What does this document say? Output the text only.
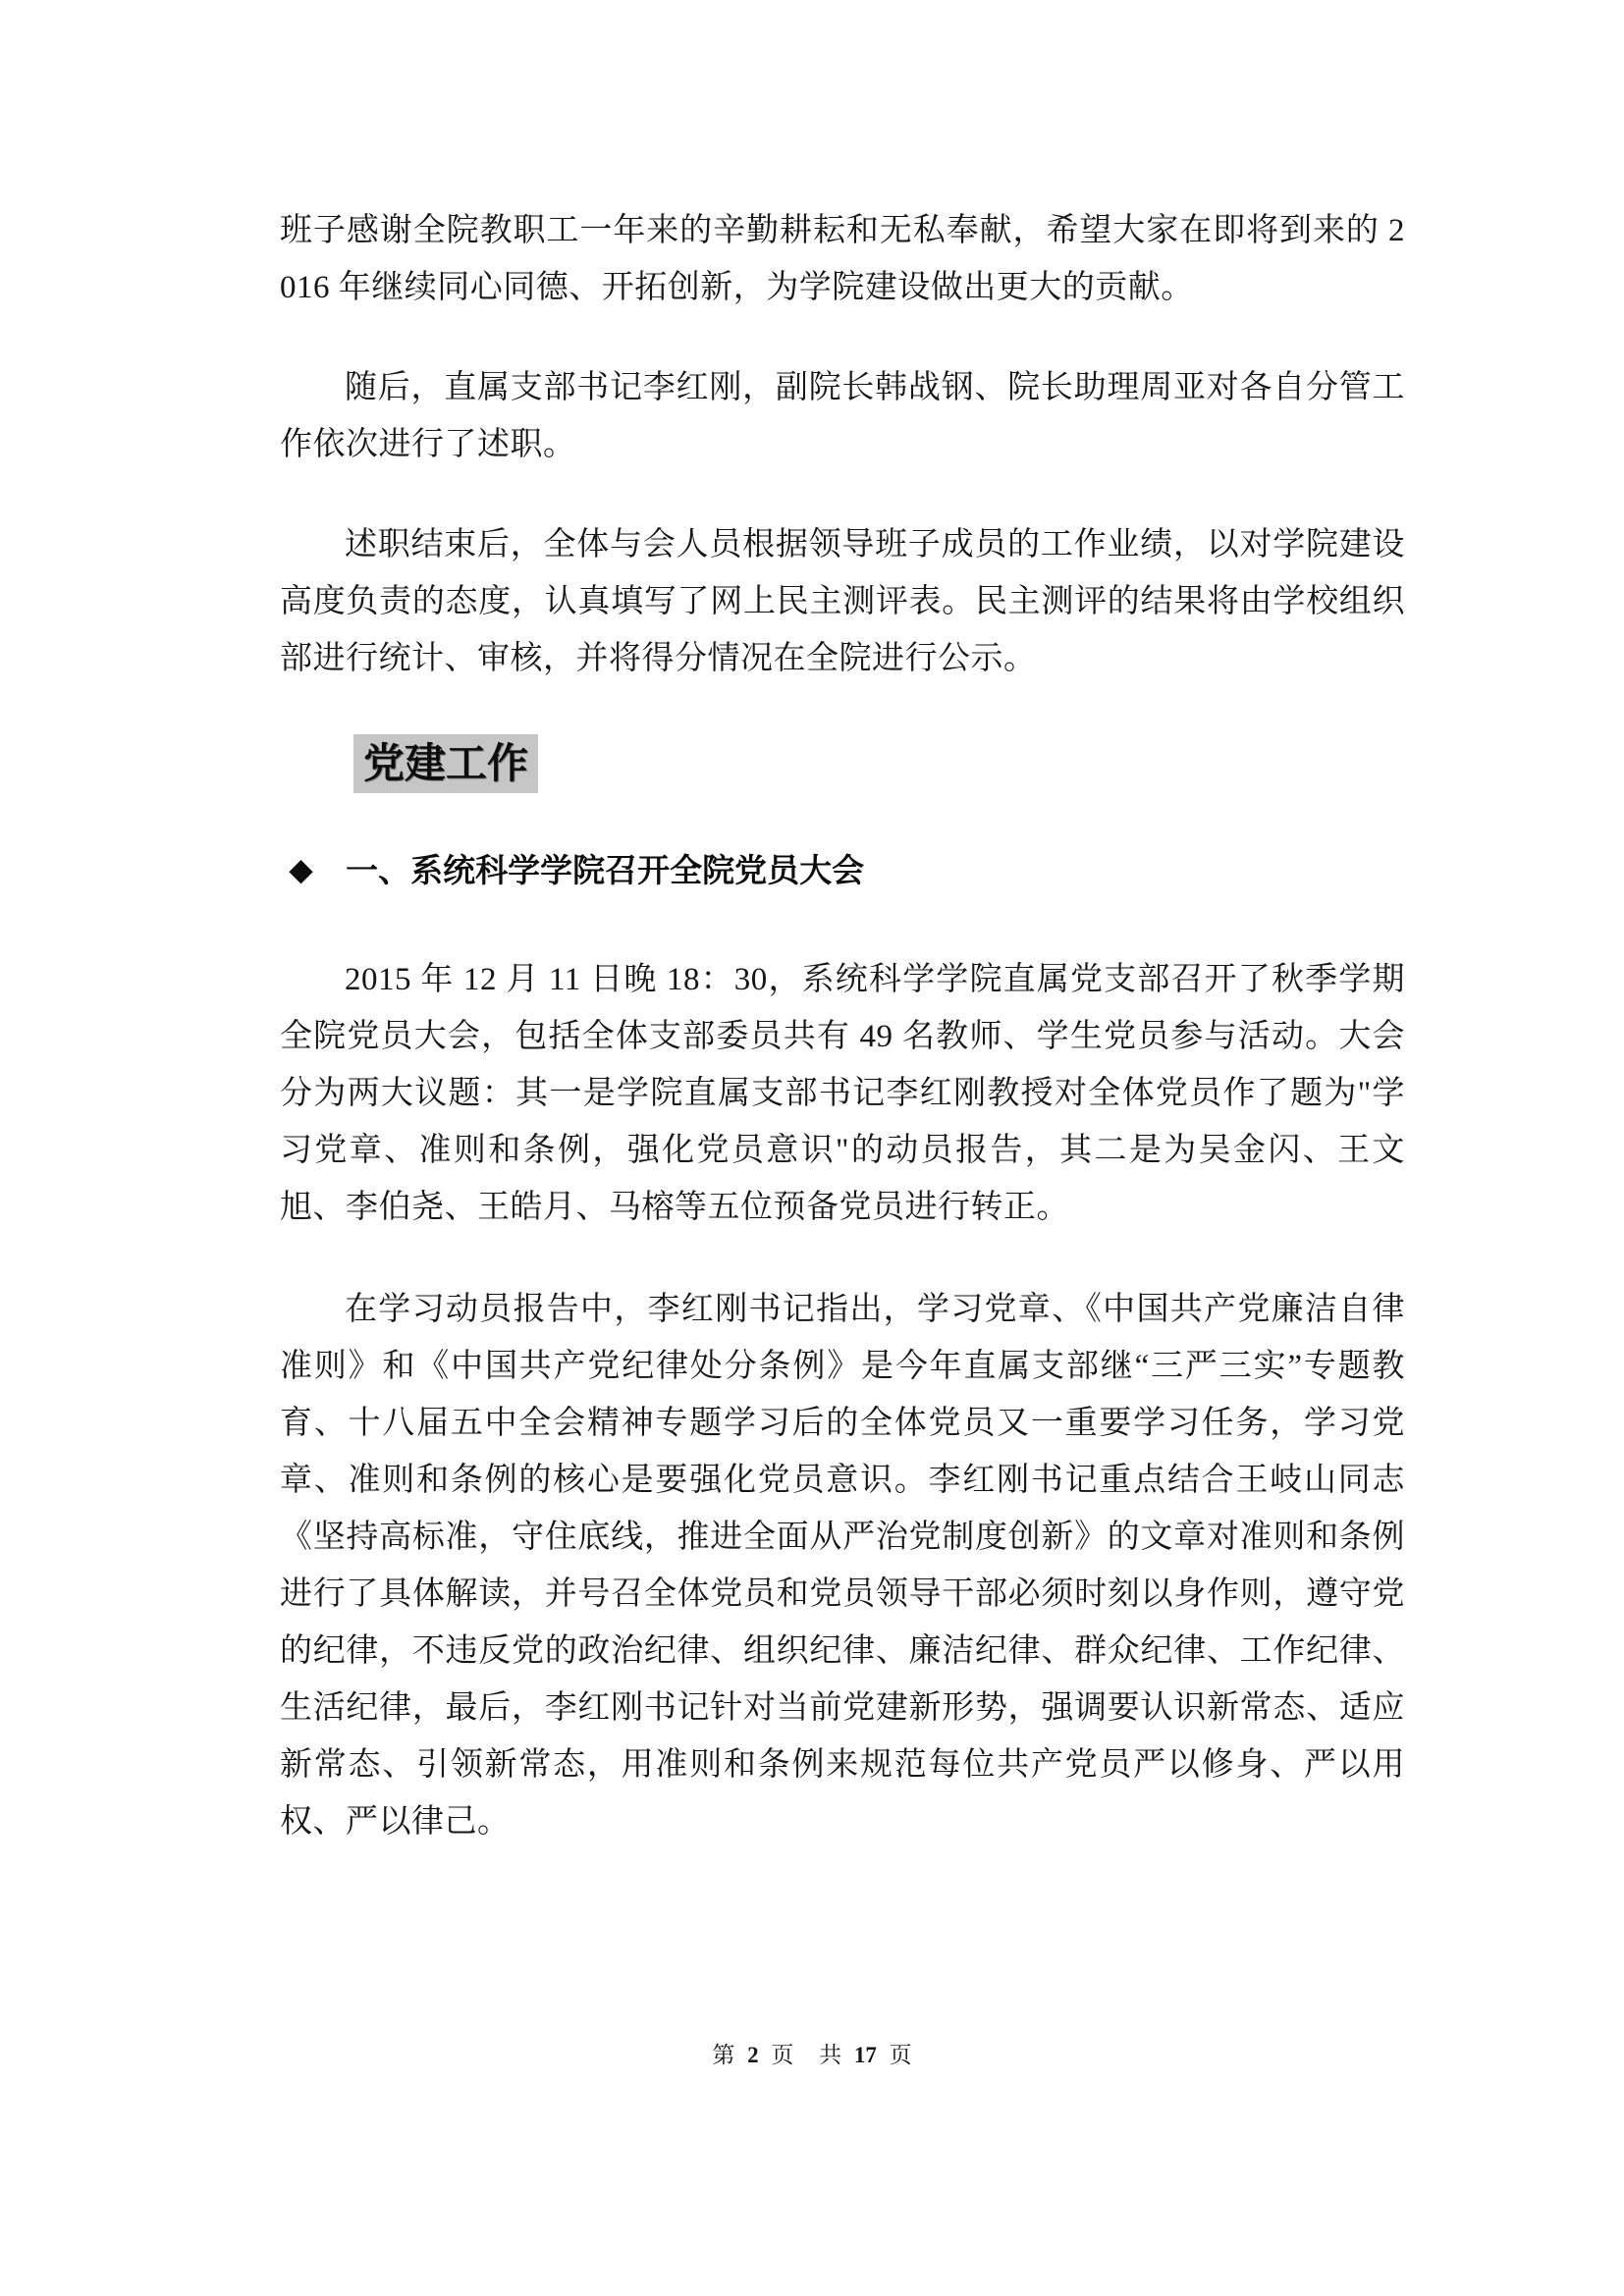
班子感谢全院教职工一年来的辛勤耕耘和无私奉献，希望大家在即将到来的 2016 年继续同心同德、开拓创新，为学院建设做出更大的贡献。

随后，直属支部书记李红刚，副院长韩战钢、院长助理周亚对各自分管工作依次进行了述职。

述职结束后，全体与会人员根据领导班子成员的工作业绩，以对学院建设高度负责的态度，认真填写了网上民主测评表。民主测评的结果将由学校组织部进行统计、审核，并将得分情况在全院进行公示。

党建工作
◆ 一、系统科学学院召开全院党员大会

2015 年 12 月 11 日晚 18：30，系统科学学院直属党支部召开了秋季学期全院党员大会，包括全体支部委员共有 49 名教师、学生党员参与活动。大会分为两大议题：其一是学院直属支部书记李红刚教授对全体党员作了题为"学习党章、准则和条例，强化党员意识"的动员报告，其二是为吴金闪、王文旭、李伯尧、王皓月、马榕等五位预备党员进行转正。

在学习动员报告中，李红刚书记指出，学习党章、《中国共产党廉洁自律准则》和《中国共产党纪律处分条例》是今年直属支部继“三严三实”专题教育、十八届五中全会精神专题学习后的全体党员又一重要学习任务，学习党章、准则和条例的核心是要强化党员意识。李红刚书记重点结合王岐山同志《坚持高标准，守住底线，推进全面从严治党制度创新》的文章对准则和条例进行了具体解读，并号召全体党员和党员领导干部必须时刻以身作则，遵守党的纪律，不违反党的政治纪律、组织纪律、廉洁纪律、群众纪律、工作纪律、生活纪律，最后，李红刚书记针对当前党建新形势，强调要认识新常态、适应新常态、引领新常态，用准则和条例来规范每位共产党员严以修身、严以用权、严以律己。

第 2 页 共 17 页
